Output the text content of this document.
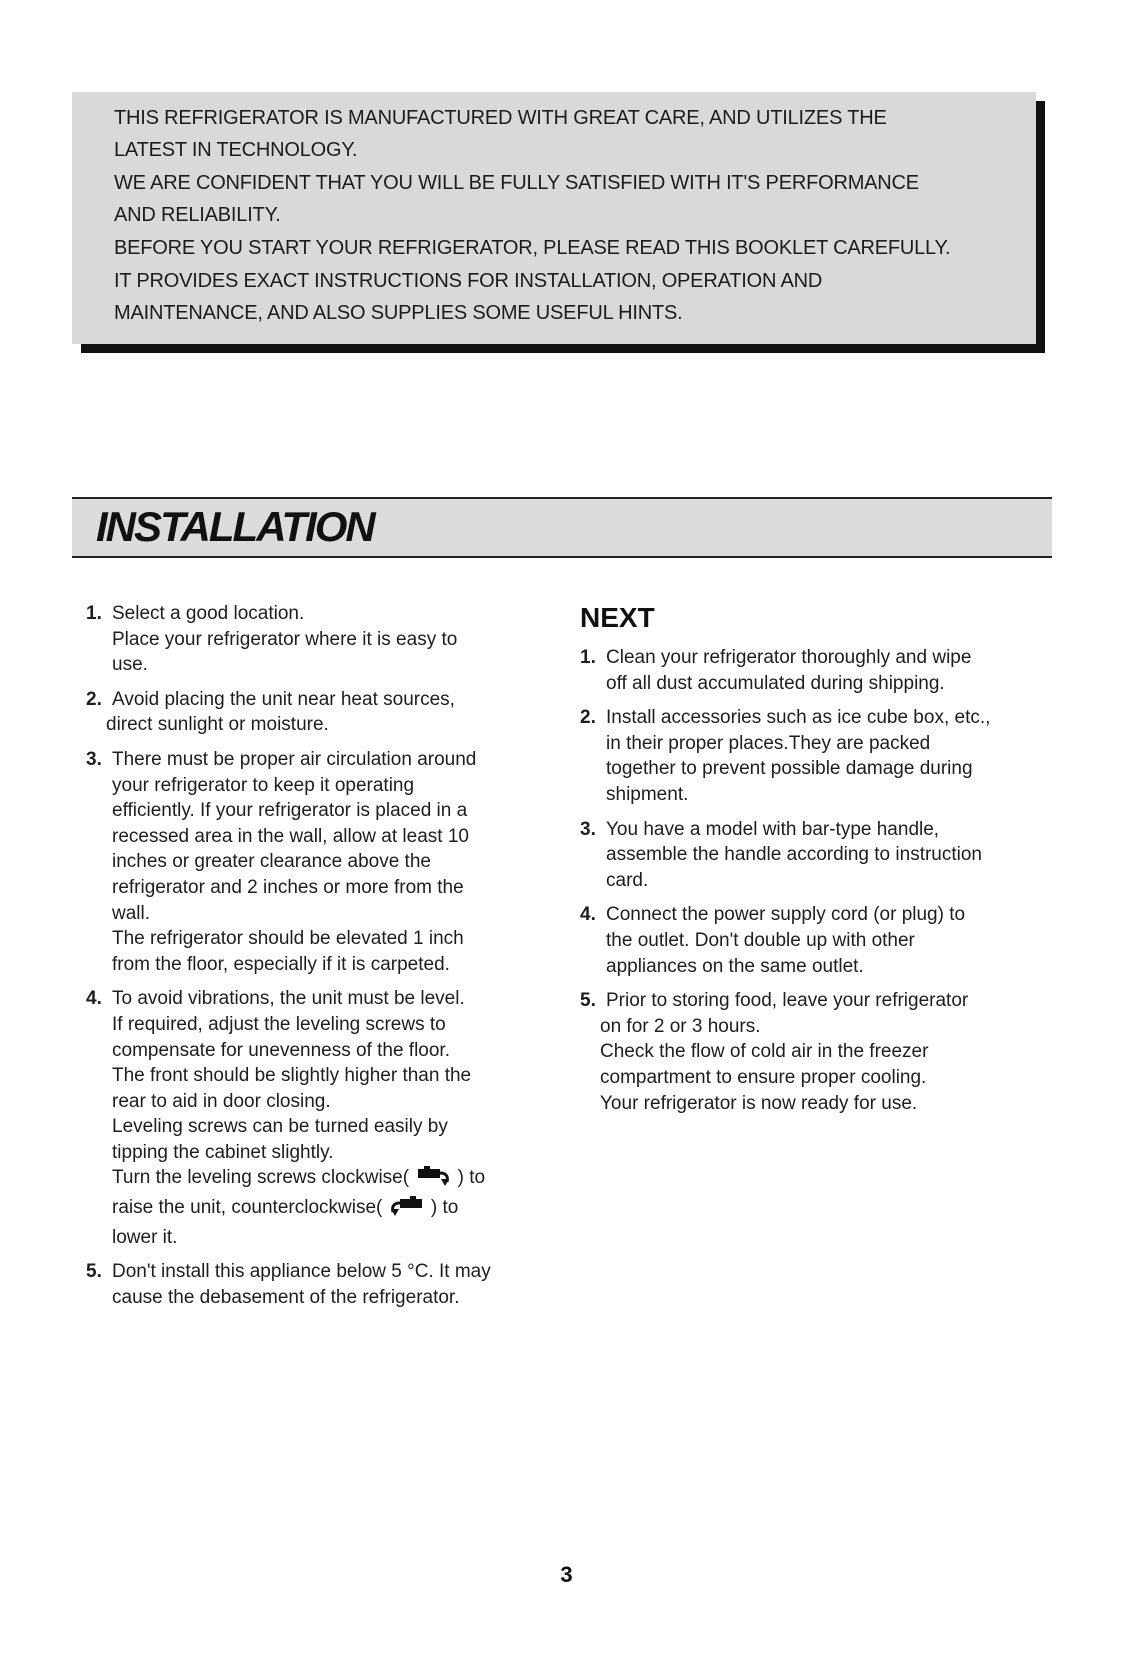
THIS REFRIGERATOR IS MANUFACTURED WITH GREAT CARE, AND UTILIZES THE

LATEST IN TECHNOLOGY.

WE ARE CONFIDENT THAT YOU WILL BE FULLY SATISFIED WITH IT'S PERFORMANCE

AND RELIABILITY.

BEFORE YOU START YOUR REFRIGERATOR, PLEASE READ THIS BOOKLET CAREFULLY.

IT PROVIDES EXACT INSTRUCTIONS FOR INSTALLATION, OPERATION AND

MAINTENANCE, AND ALSO SUPPLIES SOME USEFUL HINTS.

INSTALLATION
1. Select a good location.
Place your refrigerator where it is easy to
use.
2. Avoid placing the unit near heat sources,
direct sunlight or moisture.
3. There must be proper air circulation around
your refrigerator to keep it operating
efficiently. If your refrigerator is placed in a
recessed area in the wall, allow at least 10
inches or greater clearance above the
refrigerator and 2 inches or more from the
wall.
The refrigerator should be elevated 1 inch
from the floor, especially if it is carpeted.
4. To avoid vibrations, the unit must be level.
If required, adjust the leveling screws to
compensate for unevenness of the floor.
The front should be slightly higher than the
rear to aid in door closing.
Leveling screws can be turned easily by
tipping the cabinet slightly.
Turn the leveling screws clockwise(	) to
raise the unit, counterclockwise(	) to
lower it.
5. Don't install this appliance below 5 °C. It may
cause the debasement of the refrigerator.
NEXT
1. Clean your refrigerator thoroughly and wipe
off all dust accumulated during shipping.
2. Install accessories such as ice cube box, etc.,
in their proper places.They are packed
together to prevent possible damage during
shipment.
3. You have a model with bar-type handle,
assemble the handle according to instruction
card.
4. Connect the power supply cord (or plug) to
the outlet. Don't double up with other
appliances on the same outlet.
5. Prior to storing food, leave your refrigerator
on for 2 or 3 hours.
Check the flow of cold air in the freezer
compartment to ensure proper cooling.
Your refrigerator is now ready for use.
3
